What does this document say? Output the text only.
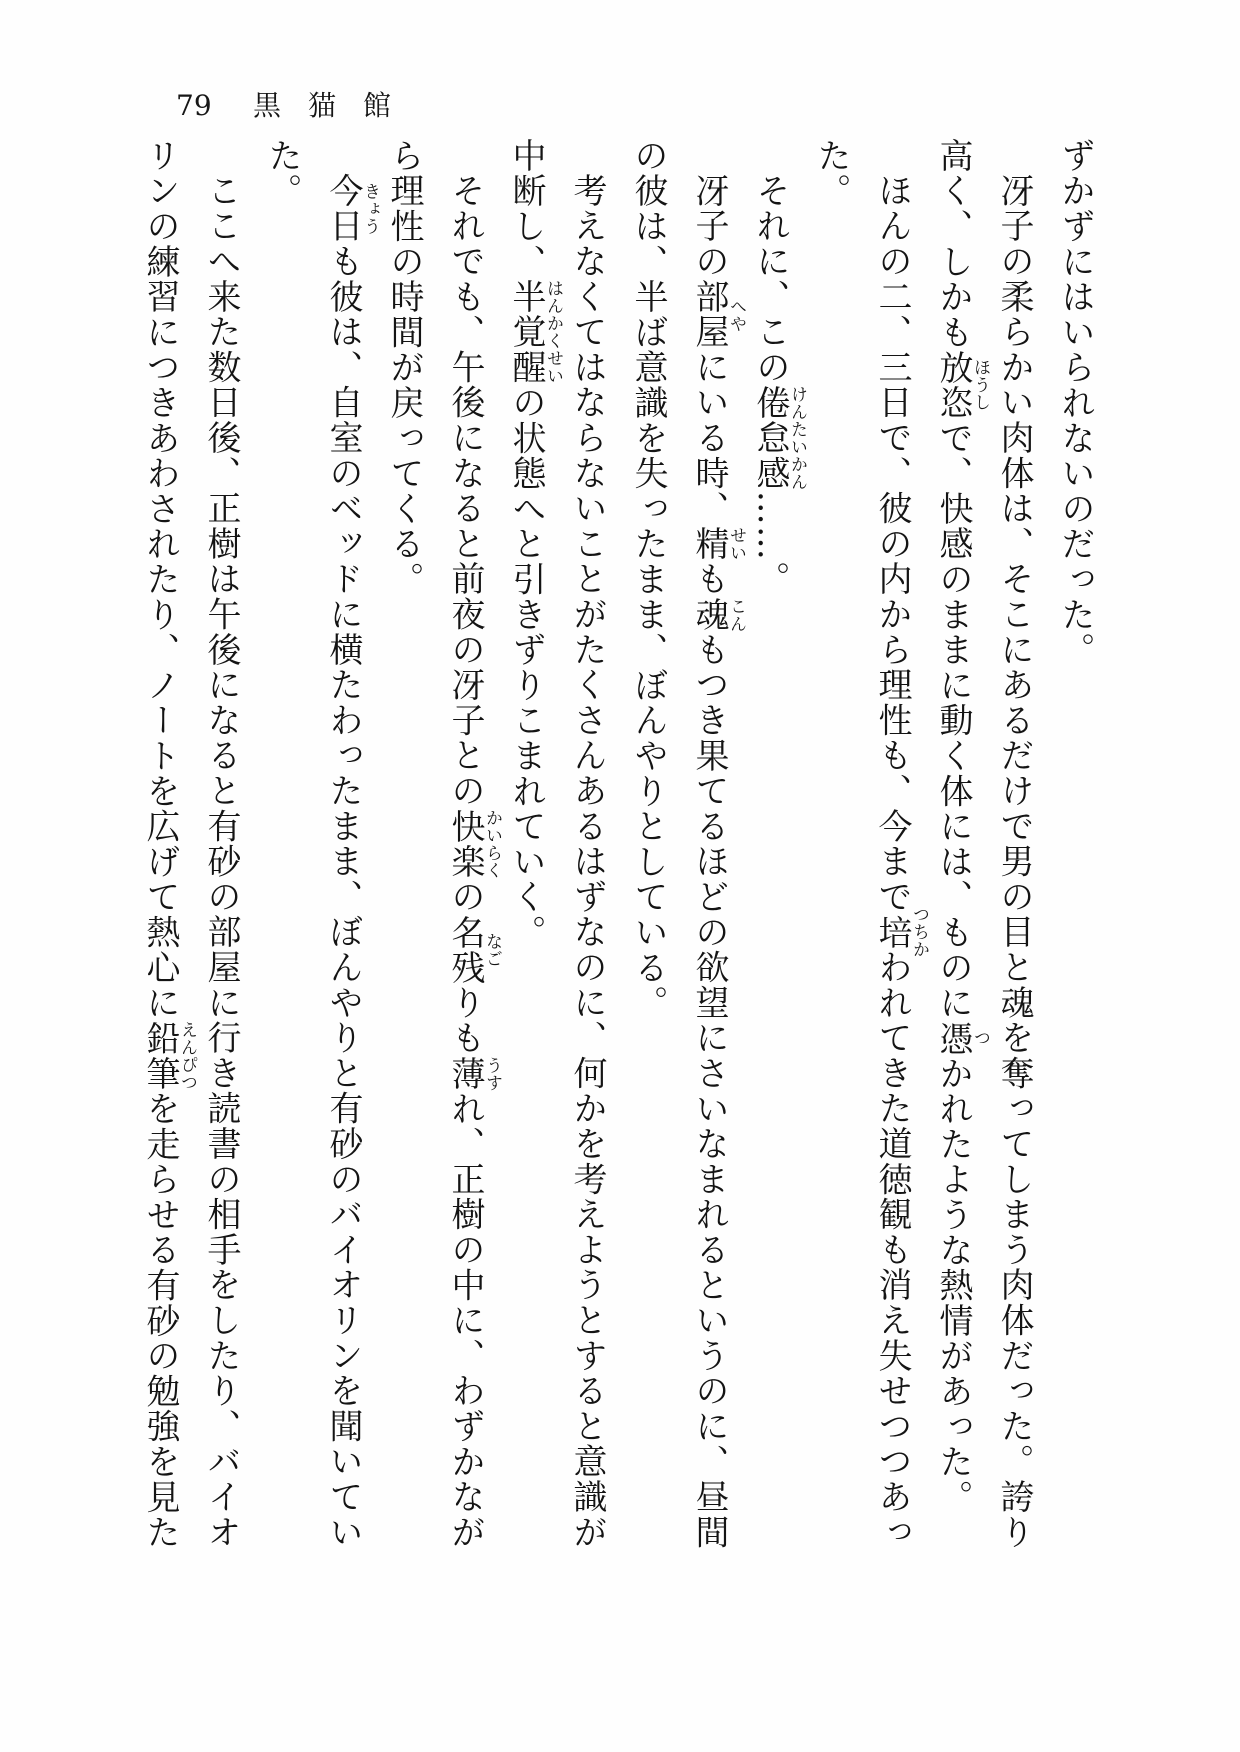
79 黒猫館
ずかずにはいられないのだった。
冴子の柔らかい肉体は、そこにあるだけで男の目と魂を奪ってしまう肉体だった。誇り
高く、しかも放恣
ほうし
で、快感のままに動く体には、ものに憑
つ
かれたような熱情があった。
ほんの二、三日で、彼の内から理性も、今まで培
つちか
われてきた道徳観も消え失せつつあっ
た。
それに、この倦怠感
けんたいかん
……。
冴子の部屋
へや
にいる時、精
せい
も魂
こん
もつき果てるほどの欲望にさいなまれるというのに、昼間
の彼は、半ば意識を失ったまま、ぼんやりとしている。
考えなくてはならないことがたくさんあるはずなのに、何かを考えようとすると意識が
中断し、半覚醒
はんかくせい
の状態へと引きずりこまれていく。
それでも、午後になると前夜の冴子との快楽
かいらく
の名残
なご
りも薄
うす
れ、正樹の中に、わずかなが
ら理性の時間が戻ってくる。
今日
きょう
も彼は、自室のベッドに横たわったまま、ぼんやりと有砂のバイオリンを聞いてい
た。
ここへ来た数日後、正樹は午後になると有砂の部屋に行き読書の相手をしたり、バイオ
リンの練習につきあわされたり、ノートを広げて熱心に鉛筆
えんぴつ
を走らせる有砂の勉強を見た
